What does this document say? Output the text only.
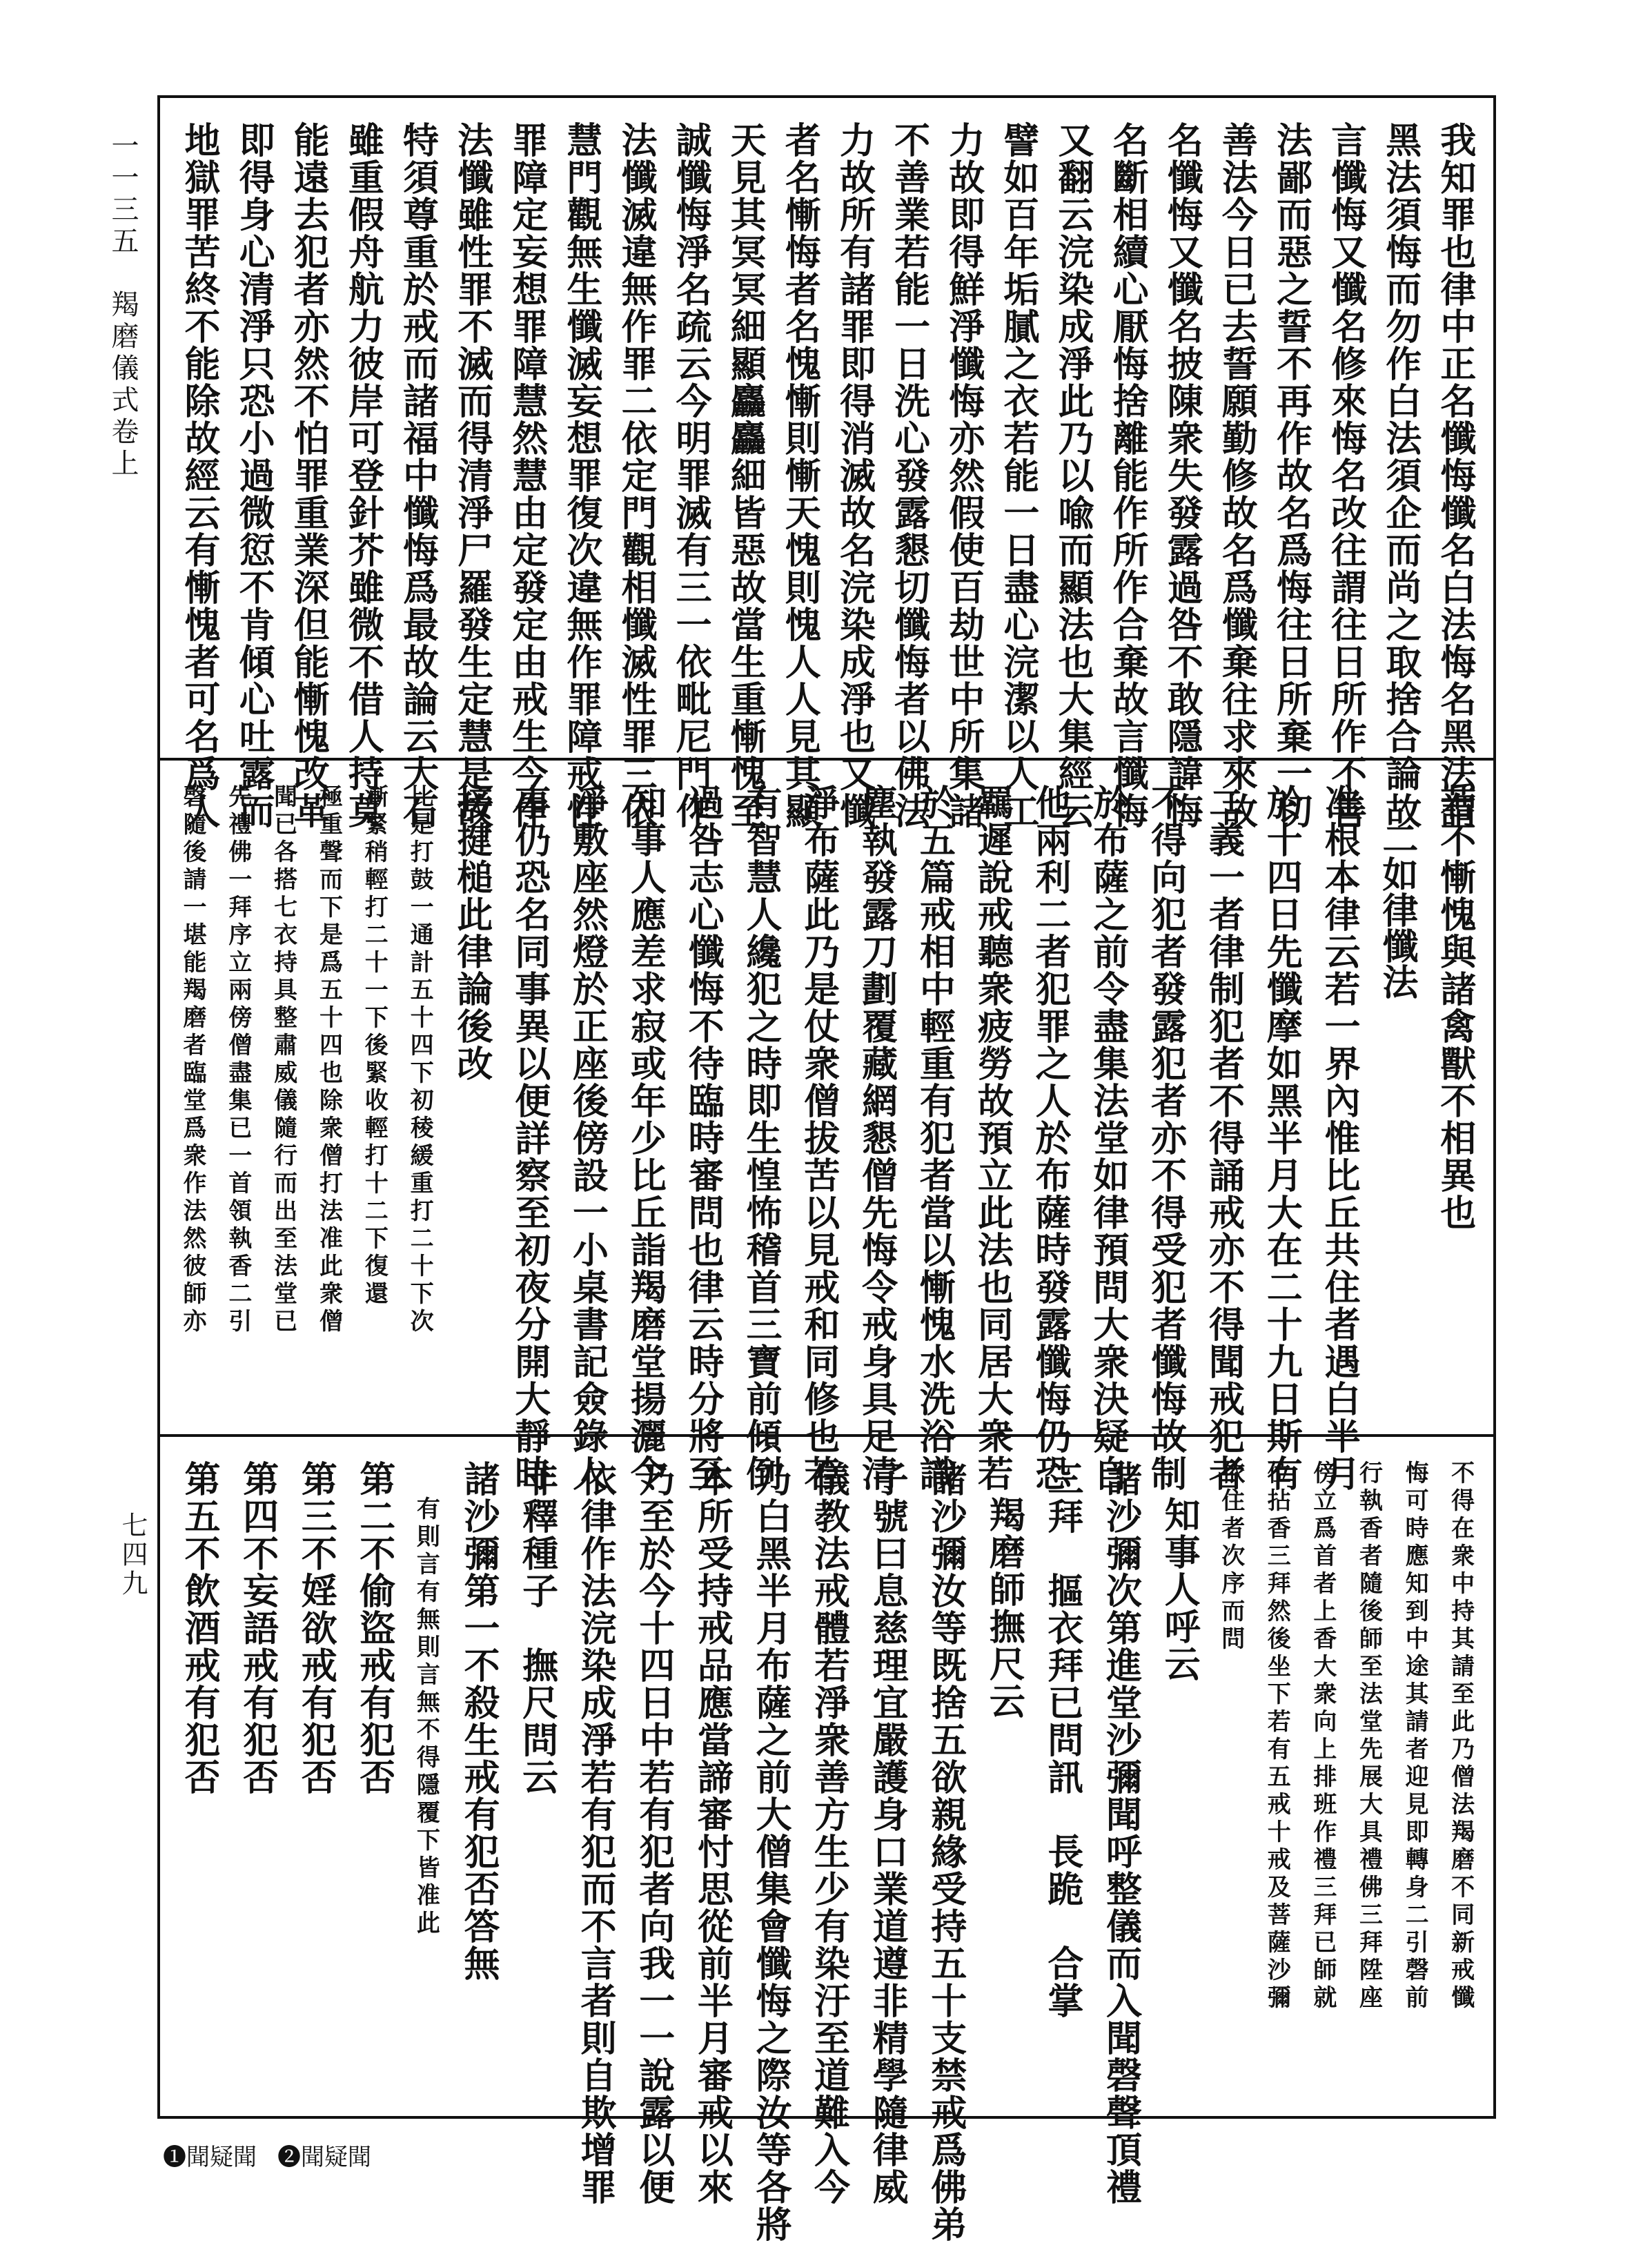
一一三五　羯磨儀式卷上
七四九
我知罪也律中正名懺悔懺名白法悔名黑法謂
黑法須悔而勿作白法須企而尚之取捨合論故
言懺悔又懺名修來悔名改往謂往日所作不善
法鄙而惡之誓不再作故名爲悔往日所棄一切
善法今日已去誓願勤修故名爲懺棄往求來故
名懺悔又懺名披陳衆失發露過咎不敢隱諱悔
名斷相續心厭悔捨離能作所作合棄故言懺悔
又翻云浣染成淨此乃以喩而顯法也大集經云
譬如百年垢膩之衣若能一日盡心浣潔以人工
力故即得鮮淨懺悔亦然假使百劫世中所集諸
不善業若能一日洗心發露懇切懺悔者以佛法
力故所有諸罪即得消滅故名浣染成淨也又懺
者名慚悔者名愧慚則慚天愧則愧人人見其顯
天見其冥冥細顯麤麤細皆惡故當生重慚愧至
誠懺悔淨名疏云今明罪滅有三一依毗尼門作
法懺滅違無作罪二依定門觀相懺滅性罪三依
慧門觀無生懺滅妄想罪復次違無作罪障戒性
罪障定妄想罪障慧然慧由定發定由戒生今作
法懺雖性罪不滅而得清淨尸羅發生定慧是故
特須尊重於戒而諸福中懺悔爲最故論云大石
雖重假舟航力彼岸可登針芥雖微不借人持莫
能遠去犯者亦然不怕罪重業深但能慚愧改革
即得身心清淨只恐小過微愆不肯傾心吐露而
地獄罪苦終不能除故經云有慚愧者可名爲人
若不慚愧與諸禽獸不相異也
二如律懺法
准根本律云若一界內惟比丘共住者遇白半月
於十四日先懺摩如黑半月大在二十九日斯有
二義一者律制犯者不得誦戒亦不得聞戒犯者
不得向犯者發露犯者亦不得受犯者懺悔故制
於布薩之前令盡集法堂如律預問大衆決疑自
他兩利二者犯罪之人於布薩時發露懺悔仍恐
羈遲說戒聽衆疲勞故預立此法也同居大衆若
於五篇戒相中輕重有犯者當以慚愧水洗浴識
塵執發露刀劃覆藏網懇僧先悔令戒身具足清
淨布薩此乃是仗衆僧拔苦以見戒和同修也若
有智慧人纔犯之時即生惶怖稽首三寶前傾倒
過咎志心懺悔不待臨時審問也律云時分將至
知事人應差求寂或年少比丘詣羯磨堂揚灑令
淨敷座然燈於正座後傍設一小桌書記僉錄人
事仍恐名同事異以便詳察至初夜分開大靜時
接揵槌此律論後改
比是打鼓一通計五十四下初稜緩重打二十下次
漸緊稍輕打二十一下後緊收輕打十二下復還
極重聲而下是爲五十四也除衆僧打法准此衆僧
聞已各搭七衣持具整肅威儀隨行而出至法堂已
先禮佛一拜序立兩傍僧盡集已一首領執香二引
磬隨後請一堪能羯磨者臨堂爲衆作法然彼師亦
不得在衆中持其請至此乃僧法羯磨不同新戒懺
悔可時應知到中途其請者迎見即轉身二引磬前
行執香者隨後師至法堂先展大具禮佛三拜陞座
傍立爲首者上香大衆向上排班作禮三拜已師就
位拈香三拜然後坐下若有五戒十戒及菩薩沙彌
依住者次序而問
知事人呼云
諸沙彌次第進堂沙彌聞呼整儀而入聞磬聲頂禮
三拜　摳衣拜已問訊　長跪　合掌
羯磨師撫尺云
諸沙彌汝等既捨五欲親緣受持五十支禁戒爲佛弟
子號曰息慈理宜嚴護身口業道遵非精學隨律威
儀教法戒體若淨衆善方生少有染汙至道難入今
乃白黑半月布薩之前大僧集會懺悔之際汝等各將
本所受持戒品應當諦審忖思從前半月審戒以來
乃至於今十四日中若有犯者向我一一說露以便
依律作法浣染成淨若有犯而不言者則自欺增罪
非釋種子　撫尺問云
諸沙彌第一不殺生戒有犯否答無
有則言有無則言無不得隱覆下皆准此
第二不偷盜戒有犯否
第三不婬欲戒有犯否
第四不妄語戒有犯否
第五不飲酒戒有犯否
❶聞疑聞 ❷聞疑聞
